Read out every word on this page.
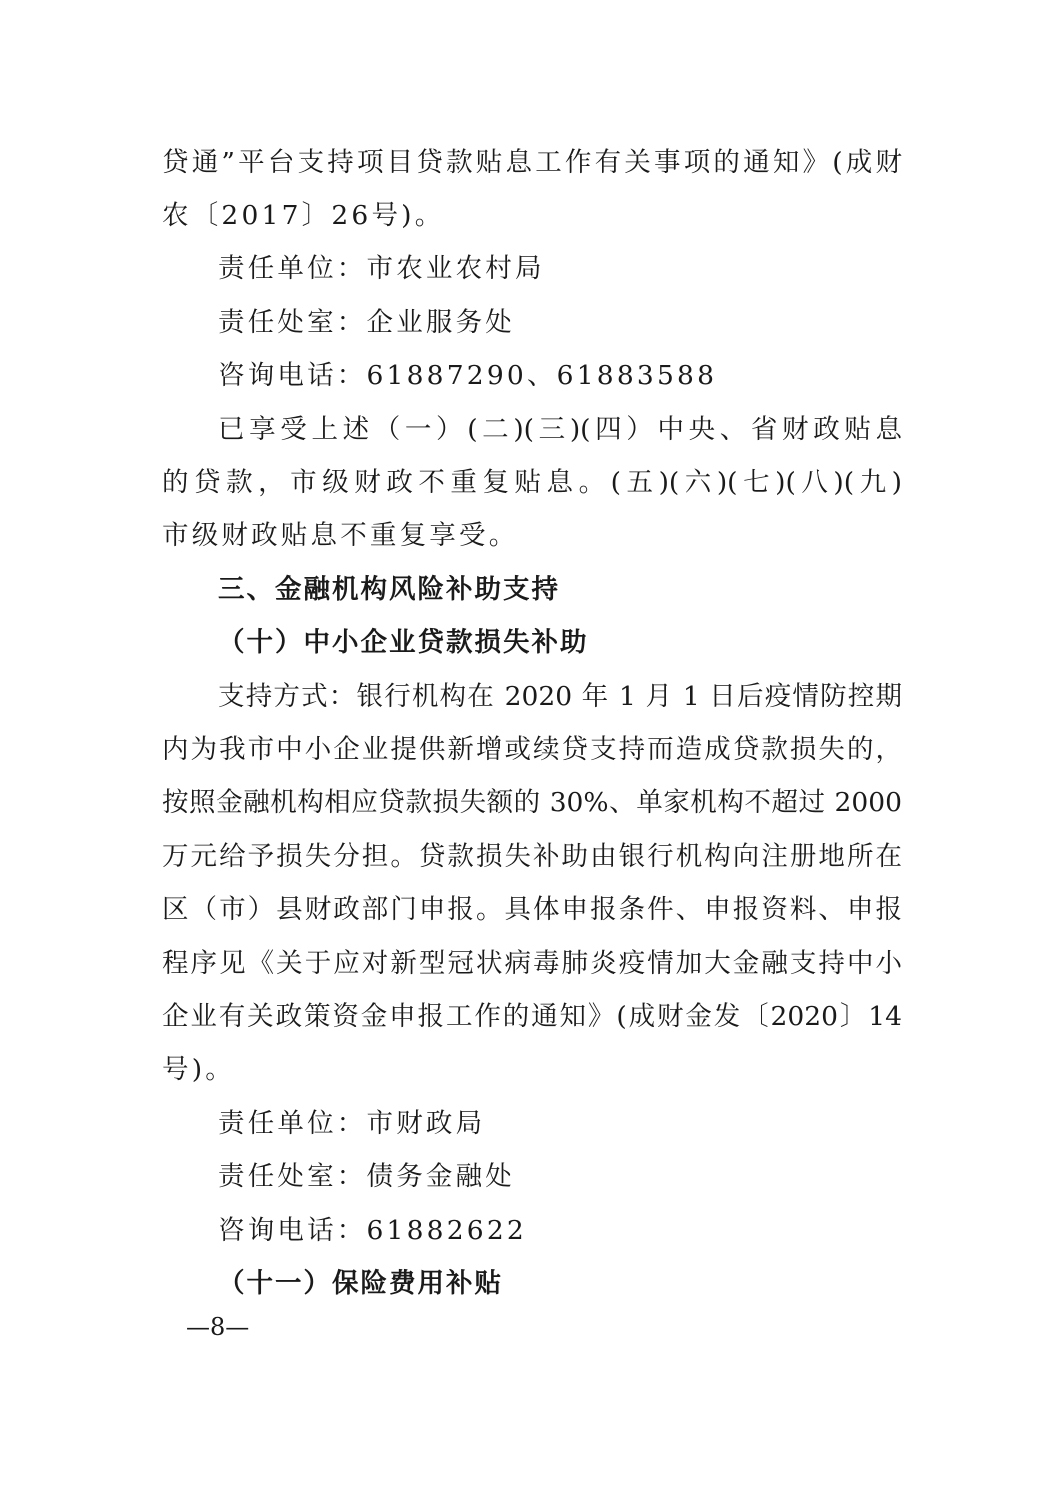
贷通”平台支持项目贷款贴息工作有关事项的通知》(成财
农〔2017〕26号)。
责任单位：市农业农村局
责任处室：企业服务处
咨询电话：61887290、61883588
已享受上述（一）(二)(三)(四）中央、省财政贴息
的贷款，市级财政不重复贴息。(五)(六)(七)(八)(九)
市级财政贴息不重复享受。
三、金融机构风险补助支持
（十）中小企业贷款损失补助
支持方式：银行机构在 2020 年 1 月 1 日后疫情防控期
内为我市中小企业提供新增或续贷支持而造成贷款损失的，
按照金融机构相应贷款损失额的 30%、单家机构不超过 2000
万元给予损失分担。贷款损失补助由银行机构向注册地所在
区（市）县财政部门申报。具体申报条件、申报资料、申报
程序见《关于应对新型冠状病毒肺炎疫情加大金融支持中小
企业有关政策资金申报工作的通知》(成财金发〔2020〕14
号)。
责任单位：市财政局
责任处室：债务金融处
咨询电话：61882622
（十一）保险费用补贴
—8—
